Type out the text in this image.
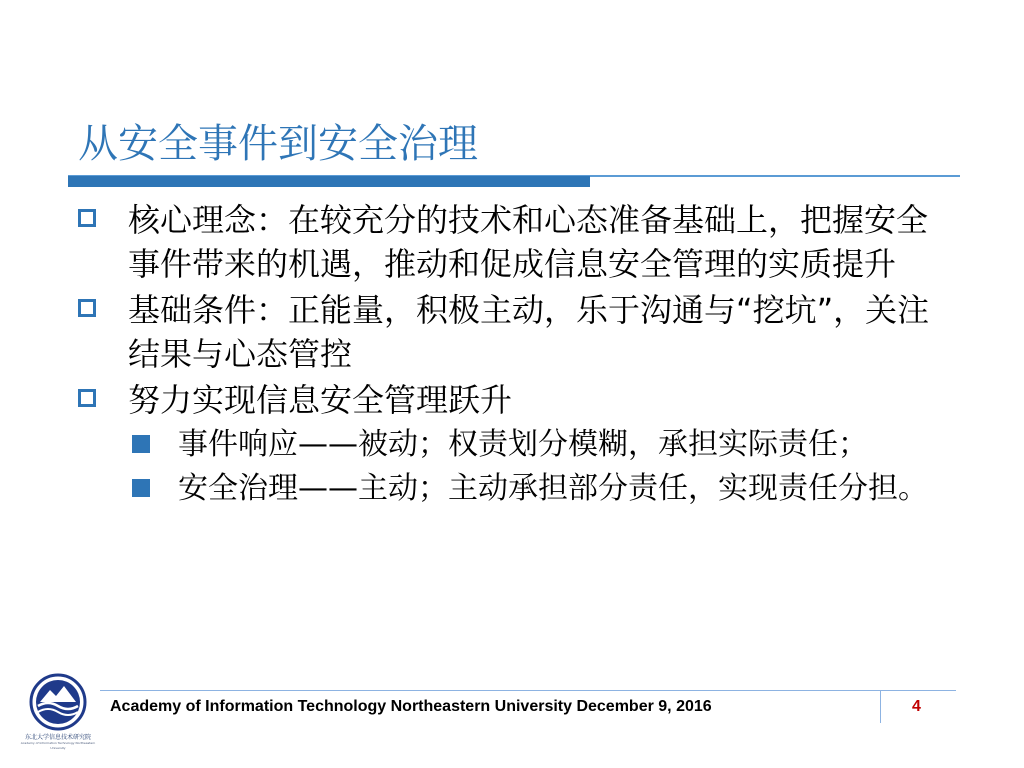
从安全事件到安全治理
核心理念：在较充分的技术和心态准备基础上，把握安全事件带来的机遇，推动和促成信息安全管理的实质提升
基础条件：正能量，积极主动，乐于沟通与“挖坑”，关注结果与心态管控
努力实现信息安全管理跃升
事件响应——被动；权责划分模糊，承担实际责任；
安全治理——主动；主动承担部分责任，实现责任分担。
东北大学信息技术研究院
Academy of Information Technology Northeastern University
Academy of Information Technology Northeastern University December 9, 2016	4
